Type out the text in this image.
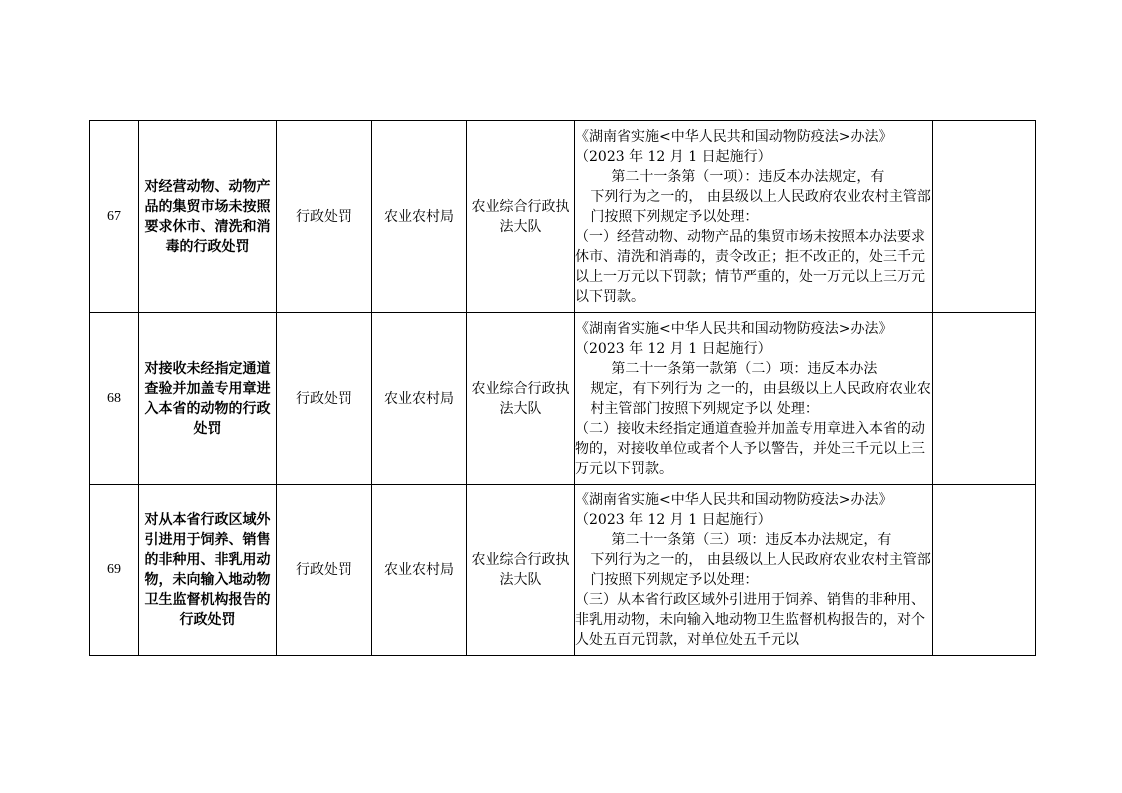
67	对经营动物、动物产品的集贸市场未按照要求休市、清洗和消毒的行政处罚	行政处罚	农业农村局	农业综合行政执法大队	《湖南省实施<中华人民共和国动物防疫法>办法》

（2023 年 12 月 1 日起施行）

第二十一条第（一项）：违反本办法规定，有

下列行为之一的， 由县级以上人民政府农业农村主管部门按照下列规定予以处理：

（一）经营动物、动物产品的集贸市场未按照本办法要求休市、清洗和消毒的，责令改正；拒不改正的，处三千元以上一万元以下罚款；情节严重的，处一万元以上三万元以下罚款。	

68	对接收未经指定通道查验并加盖专用章进入本省的动物的行政处罚	行政处罚	农业农村局	农业综合行政执法大队	《湖南省实施<中华人民共和国动物防疫法>办法》

（2023 年 12 月 1 日起施行）

第二十一条第一款第（二）项：违反本办法

规定，有下列行为 之一的，由县级以上人民政府农业农村主管部门按照下列规定予以 处理：

（二）接收未经指定通道查验并加盖专用章进入本省的动物的，对接收单位或者个人予以警告，并处三千元以上三万元以下罚款。	

69	对从本省行政区域外引进用于饲养、销售的非种用、非乳用动物，未向输入地动物卫生监督机构报告的行政处罚	行政处罚	农业农村局	农业综合行政执法大队	《湖南省实施<中华人民共和国动物防疫法>办法》

（2023 年 12 月 1 日起施行）

第二十一条第（三）项：违反本办法规定，有

下列行为之一的， 由县级以上人民政府农业农村主管部门按照下列规定予以处理：

（三）从本省行政区域外引进用于饲养、销售的非种用、非乳用动物，未向输入地动物卫生监督机构报告的，对个人处五百元罚款，对单位处五千元以	
